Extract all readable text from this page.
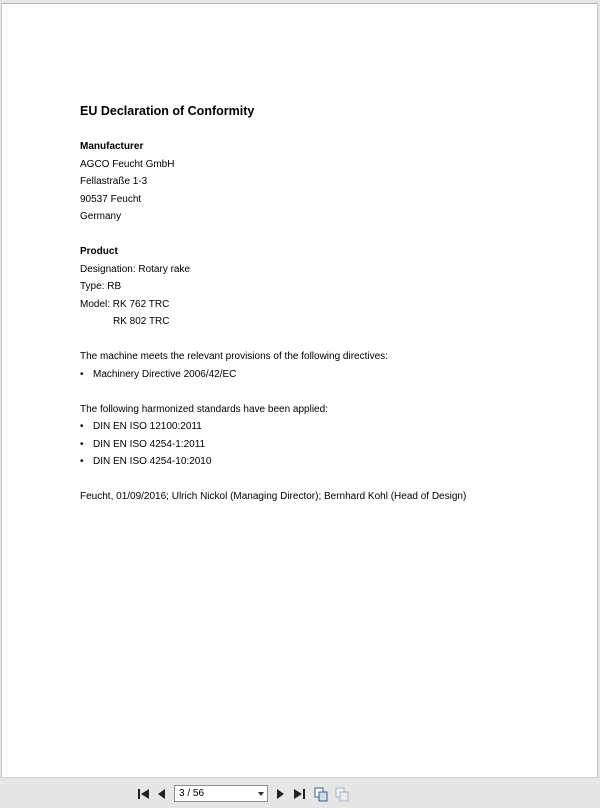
EU Declaration of Conformity
Manufacturer
AGCO Feucht GmbH
Fellastraße 1-3
90537 Feucht
Germany
Product
Designation: Rotary rake
Type: RB
Model: RK 762 TRC
RK 802 TRC
The machine meets the relevant provisions of the following directives:
• Machinery Directive 2006/42/EC
The following harmonized standards have been applied:
• DIN EN ISO 12100:2011
• DIN EN ISO 4254-1:2011
• DIN EN ISO 4254-10:2010
Feucht, 01/09/2016; Ulrich Nickol (Managing Director); Bernhard Kohl (Head of Design)
3 / 56
